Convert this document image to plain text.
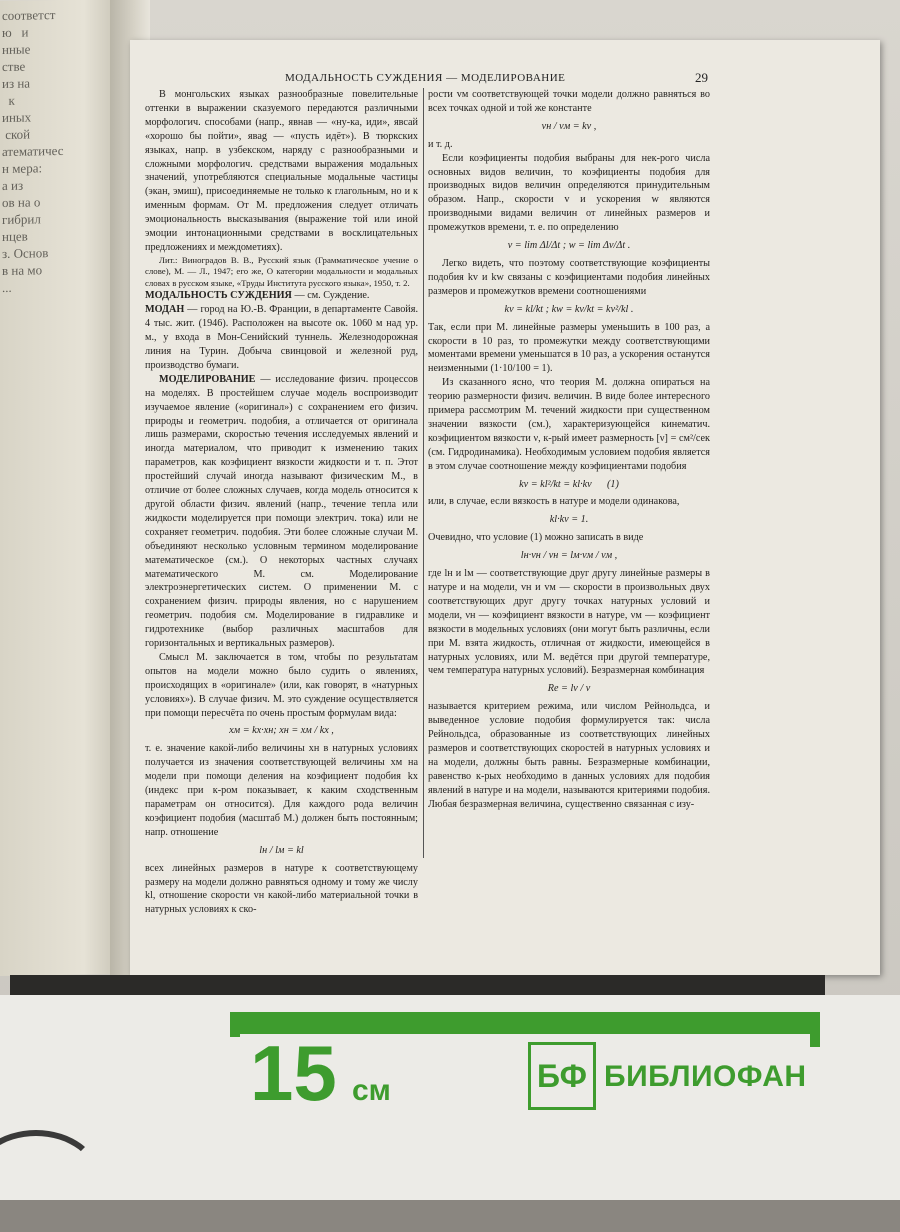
соответст
ю   и
нные
стве
из на
к
иных
ской
атематичес
н мера:
а из
ов на о
гибрил
нцев
з. Основ
в на мо
...
МОДАЛЬНОСТЬ СУЖДЕНИЯ — МОДЕЛИРОВАНИЕ	29

В монгольских языках разнообразные повелительные оттенки в выражении сказуемого передаются различными морфологич. способами (напр., явнав — «ну-ка, иди», явсай «хорошо бы пойти», явag — «пусть идёт»). В тюркских языках, напр. в узбекском, наряду с разнообразными и сложными морфологич. средствами выражения модальных значений, употребляются специальные модальные частицы (экан, эмиш), присоединяемые не только к глагольным, но и к именным формам. От М. предложения следует отличать эмоциональность высказывания (выражение той или иной эмоции интонационными средствами в восклицательных предложениях и междометиях).

Лит.: Виноградов В. В., Русский язык (Грамматическое учение о слове), М. — Л., 1947; его же, О категории модальности и модальных словах в русском языке, «Труды Института русского языка», 1950, т. 2.

МОДАЛЬНОСТЬ СУЖДЕНИЯ — см. Суждение.

МОДАН — город на Ю.-В. Франции, в департаменте Савойя. 4 тыс. жит. (1946). Расположен на высоте ок. 1060 м над ур. м., у входа в Мон-Сенийский туннель. Железнодорожная линия на Турин. Добыча свинцовой и железной руд, производство бумаги.

МОДЕЛИРОВАНИЕ — исследование физич. процессов на моделях. В простейшем случае модель воспроизводит изучаемое явление («оригинал») с сохранением его физич. природы и геометрич. подобия, а отличается от оригинала лишь размерами, скоростью течения исследуемых явлений и иногда материалом, что приводит к изменению таких параметров, как коэфициент вязкости жидкости и т. п. Этот простейший случай иногда называют физическим М., в отличие от более сложных случаев, когда модель относится к другой области физич. явлений (напр., течение тепла или жидкости моделируется при помощи электрич. тока) или не сохраняет геометрич. подобия. Эти более сложные случаи М. объединяют несколько условным термином моделирование математическое (см.). О некоторых частных случаях математического М. см. Моделирование электроэнергетических систем. О применении М. с сохранением физич. природы явления, но с нарушением геометрич. подобия см. Моделирование в гидравлике и гидротехнике (выбор различных масштабов для горизонтальных и вертикальных размеров).

Смысл М. заключается в том, чтобы по результатам опытов на модели можно было судить о явлениях, происходящих в «оригинале» (или, как говорят, в «натурных условиях»). В случае физич. М. это суждение осуществляется при помощи пересчёта по очень простым формулам вида:

xм = kx·xн; xн = xм / kx ,

т. е. значение какой-либо величины xн в натурных условиях получается из значения соответствующей величины xм на модели при помощи деления на коэфициент подобия kx (индекс при к-ром показывает, к каким сходственным параметрам он относится). Для каждого рода величин коэфициент подобия (масштаб М.) должен быть постоянным; напр. отношение

lн / lм = kl

всех линейных размеров в натуре к соответствующему размеру на модели должно равняться одному и тому же числу kl, отношение скорости vн какой-либо материальной точки в натурных условиях к ско-

рости vм соответствующей точки модели должно равняться во всех точках одной и той же константе

vн / vм = kv ,

и т. д.

Если коэфициенты подобия выбраны для нек-рого числа основных видов величин, то коэфициенты подобия для производных видов величин определяются принудительным образом. Напр., скорости v и ускорения w являются производными видами величин от линейных размеров и промежутков времени, т. е. по определению

v = lim Δl/Δt ; w = lim Δv/Δt .

Легко видеть, что поэтому соответствующие коэфициенты подобия kv и kw связаны с коэфициентами подобия линейных размеров и промежутков времени соотношениями

kv = kl/kt ; kw = kv/kt = kv²/kl .

Так, если при М. линейные размеры уменьшить в 100 раз, а скорости в 10 раз, то промежутки между соответствующими моментами времени уменьшатся в 10 раз, а ускорения останутся неизменными (1·10/100 = 1).

Из сказанного ясно, что теория М. должна опираться на теорию размерности физич. величин. В виде более интересного примера рассмотрим М. течений жидкости при существенном значении вязкости (см.), характеризующейся кинематич. коэфициентом вязкости ν, к-рый имеет размерность [ν] = см²/сек (см. Гидродинамика). Необходимым условием подобия является в этом случае соотношение между коэфициентами подобия

kν = kl²/kt = kl·kv (1)

или, в случае, если вязкость в натуре и модели одинакова,

kl·kv = 1.

Очевидно, что условие (1) можно записать в виде

lн·vн / νн = lм·vм / νм ,

где lн и lм — соответствующие друг другу линейные размеры в натуре и на модели, vн и vм — скорости в произвольных двух соответствующих друг другу точках натурных условий и модели, νн — коэфициент вязкости в натуре, νм — коэфициент вязкости в модельных условиях (они могут быть различны, если при М. взята жидкость, отличная от жидкости, имеющейся в натурных условиях, или М. ведётся при другой температуре, чем температура натурных условий). Безразмерная комбинация

Re = lv / ν

называется критерием режима, или числом Рейнольдса, и выведенное условие подобия формулируется так: числа Рейнольдса, образованные из соответствующих линейных размеров и соответствующих скоростей в натурных условиях и на модели, должны быть равны. Безразмерные комбинации, равенство к-рых необходимо в данных условиях для подобия явлений в натуре и на модели, называются критериями подобия. Любая безразмерная величина, существенно связанная с изу-

15 см	БФ БИБЛИОФАН
